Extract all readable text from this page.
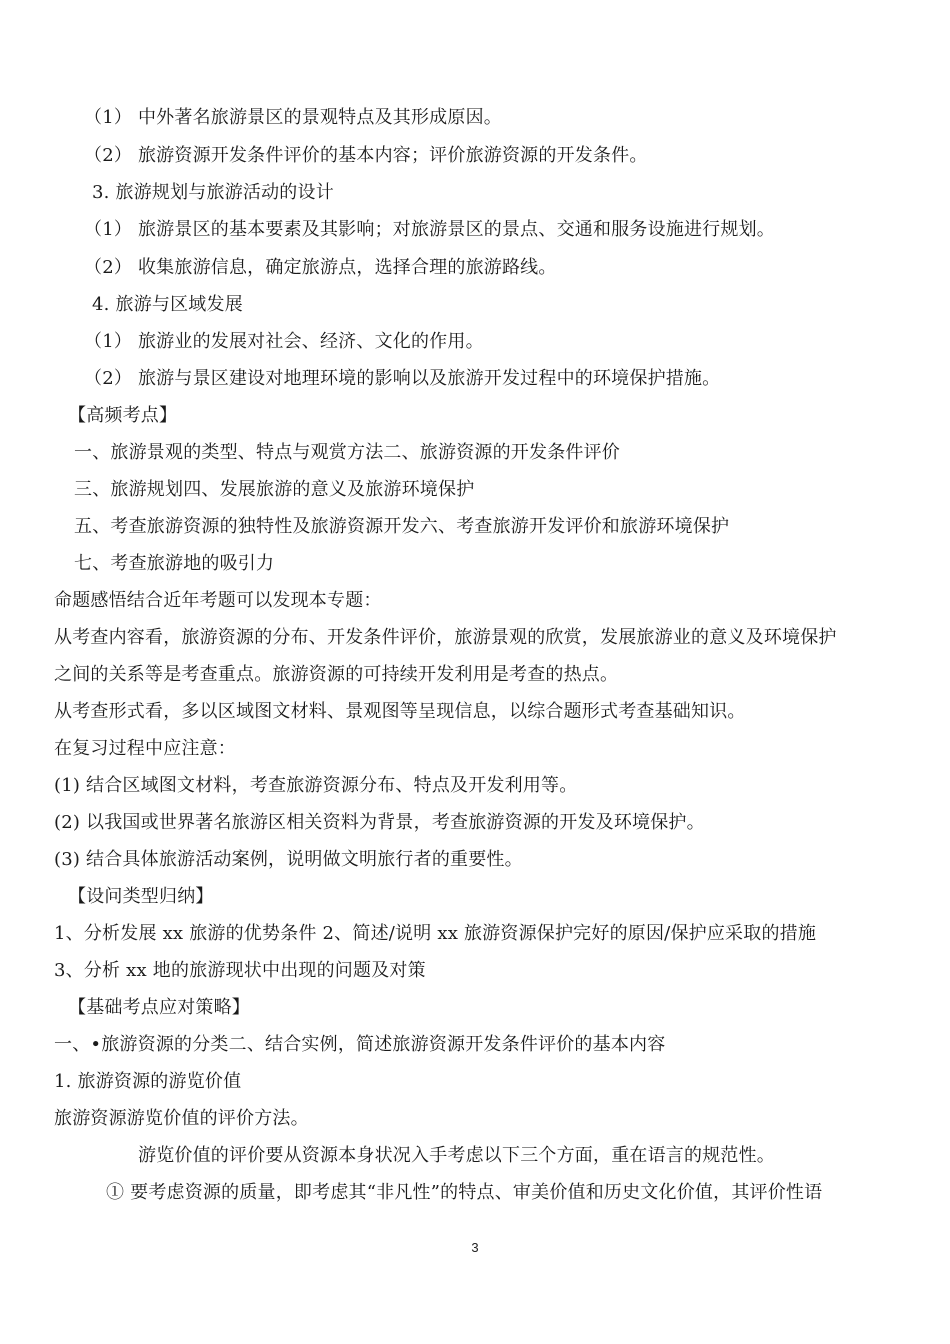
（1） 中外著名旅游景区的景观特点及其形成原因。
（2） 旅游资源开发条件评价的基本内容；评价旅游资源的开发条件。
3. 旅游规划与旅游活动的设计
（1） 旅游景区的基本要素及其影响；对旅游景区的景点、交通和服务设施进行规划。
（2） 收集旅游信息，确定旅游点，选择合理的旅游路线。
4. 旅游与区域发展
（1） 旅游业的发展对社会、经济、文化的作用。
（2） 旅游与景区建设对地理环境的影响以及旅游开发过程中的环境保护措施。
【高频考点】
一、旅游景观的类型、特点与观赏方法二、旅游资源的开发条件评价
三、旅游规划四、发展旅游的意义及旅游环境保护
五、考查旅游资源的独特性及旅游资源开发六、考查旅游开发评价和旅游环境保护
七、考查旅游地的吸引力
命题感悟结合近年考题可以发现本专题：
从考查内容看，旅游资源的分布、开发条件评价，旅游景观的欣赏，发展旅游业的意义及环境保护
之间的关系等是考查重点。旅游资源的可持续开发利用是考查的热点。
从考查形式看，多以区域图文材料、景观图等呈现信息，以综合题形式考查基础知识。
在复习过程中应注意：
(1) 结合区域图文材料，考查旅游资源分布、特点及开发利用等。
(2) 以我国或世界著名旅游区相关资料为背景，考查旅游资源的开发及环境保护。
(3) 结合具体旅游活动案例，说明做文明旅行者的重要性。
【设问类型归纳】
1、分析发展 xx 旅游的优势条件 2、简述/说明 xx 旅游资源保护完好的原因/保护应采取的措施
3、分析 xx 地的旅游现状中出现的问题及对策
【基础考点应对策略】
一、•旅游资源的分类二、结合实例，简述旅游资源开发条件评价的基本内容
1. 旅游资源的游览价值
旅游资源游览价值的评价方法。
游览价值的评价要从资源本身状况入手考虑以下三个方面，重在语言的规范性。
① 要考虑资源的质量，即考虑其“非凡性”的特点、审美价值和历史文化价值，其评价性语
3
